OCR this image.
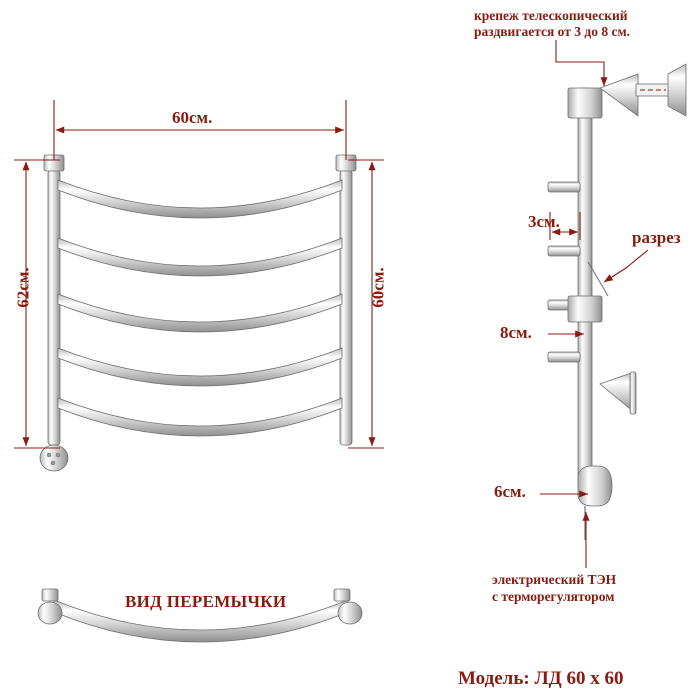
60см.
62см.	60см.
ВИД ПЕРЕМЫЧКИ
крепеж телескопический
раздвигается от 3 до 8 см.
3см.
разрез
8см.
6см.
электрический ТЭН
с терморегулятором
Модель: ЛД 60 x 60
